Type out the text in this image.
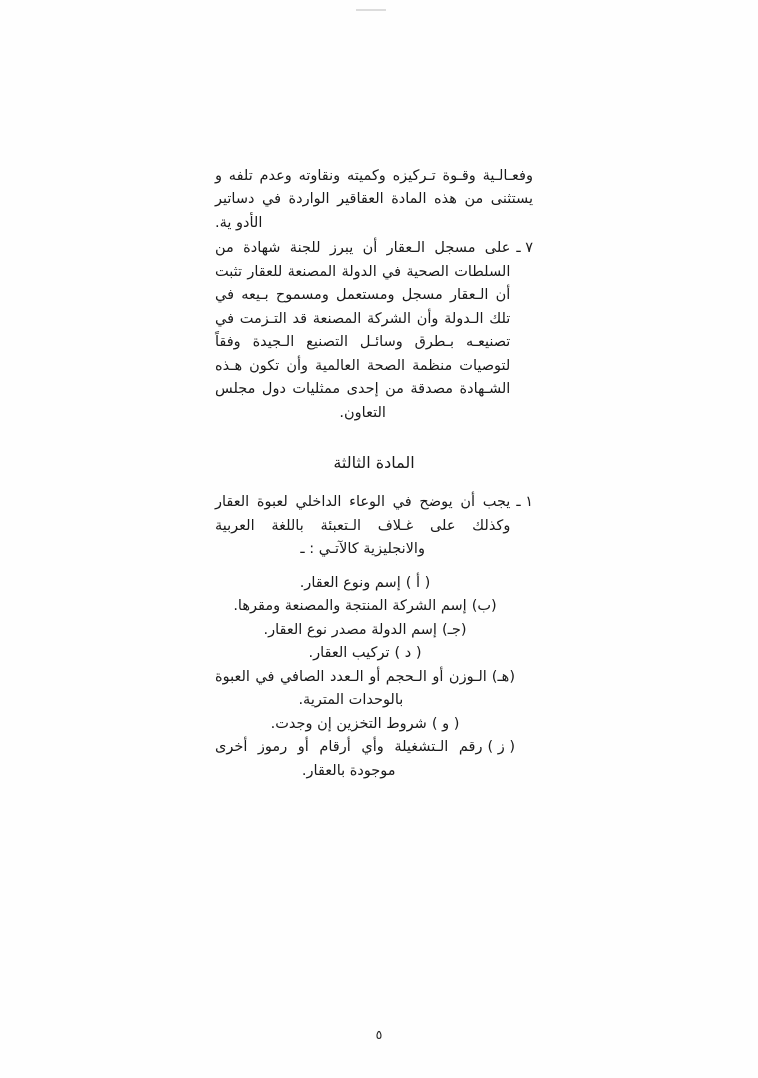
وفعـالـية وقـوة تـركيزه وكميته ونقاوته وعدم تلفه و يستثنى من هذه المادة العقاقير الواردة في دساتير الأدو ية.

٧ ـ
على مسجل الـعقار أن يبرز للجنة شهادة من السلطات الصحية في الدولة المصنعة للعقار تثبت أن الـعقار مسجل ومستعمل ومسموح بـيعه في تلك الـدولة وأن الشركة المصنعة قد التـزمت في تصنيعـه بـطرق وسائـل التصنيع الـجيدة وفقاً لتوصيات منظمة الصحة العالمية وأن تكون هـذه الشـهادة مصدقة من إحدى ممثليات دول مجلس التعاون.
المادة الثالثة
١ ـ
يجب أن يوضح في الوعاء الداخلي لعبوة العقار وكذلك على غـلاف الـتعبئة باللغة العربية والانجليزية كالآتـي : ـ
( أ )
إسم ونوع العقار.
(ب)
إسم الشركة المنتجة والمصنعة ومقرها.
(جـ)
إسم الدولة مصدر نوع العقار.
( د )
تركيب العقار.
(هـ)
الـوزن أو الـحجم أو الـعدد الصافي في العبوة بالوحدات المترية.
( و )
شروط التخزين إن وجدت.
( ز )
رقم الـتشغيلة وأي أرقام أو رموز أخرى موجودة بالعقار.
٥
